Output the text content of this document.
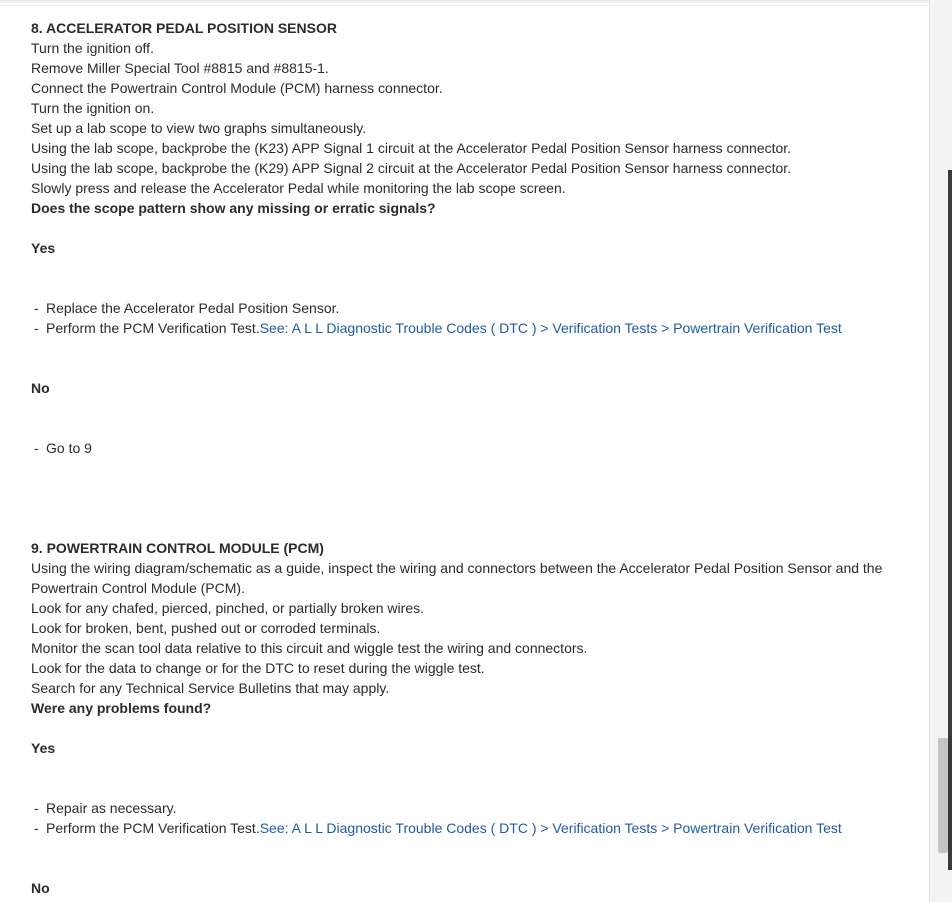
8. ACCELERATOR PEDAL POSITION SENSOR
Turn the ignition off.
Remove Miller Special Tool #8815 and #8815-1.
Connect the Powertrain Control Module (PCM) harness connector.
Turn the ignition on.
Set up a lab scope to view two graphs simultaneously.
Using the lab scope, backprobe the (K23) APP Signal 1 circuit at the Accelerator Pedal Position Sensor harness connector.
Using the lab scope, backprobe the (K29) APP Signal 2 circuit at the Accelerator Pedal Position Sensor harness connector.
Slowly press and release the Accelerator Pedal while monitoring the lab scope screen.
Does the scope pattern show any missing or erratic signals?
Yes
- Replace the Accelerator Pedal Position Sensor.
- Perform the PCM Verification Test.See: A L L Diagnostic Trouble Codes ( DTC ) > Verification Tests > Powertrain Verification Test
No
- Go to 9
9. POWERTRAIN CONTROL MODULE (PCM)
Using the wiring diagram/schematic as a guide, inspect the wiring and connectors between the Accelerator Pedal Position Sensor and the Powertrain Control Module (PCM).
Look for any chafed, pierced, pinched, or partially broken wires.
Look for broken, bent, pushed out or corroded terminals.
Monitor the scan tool data relative to this circuit and wiggle test the wiring and connectors.
Look for the data to change or for the DTC to reset during the wiggle test.
Search for any Technical Service Bulletins that may apply.
Were any problems found?
Yes
- Repair as necessary.
- Perform the PCM Verification Test.See: A L L Diagnostic Trouble Codes ( DTC ) > Verification Tests > Powertrain Verification Test
No
